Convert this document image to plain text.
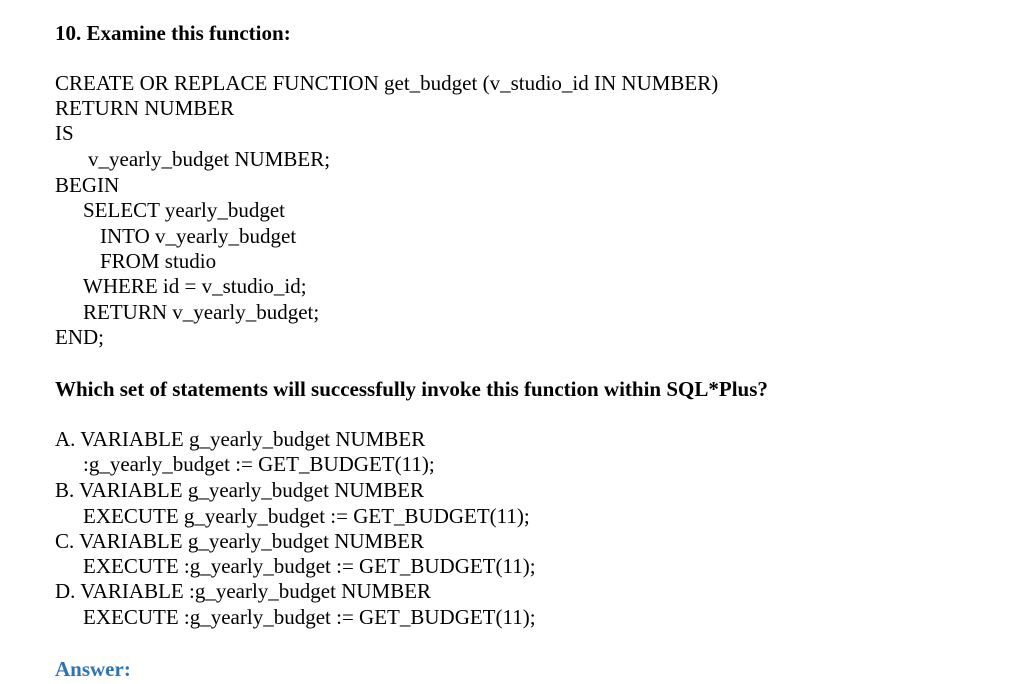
10. Examine this function:
CREATE OR REPLACE FUNCTION get_budget (v_studio_id IN NUMBER)
RETURN NUMBER
IS
v_yearly_budget NUMBER;
BEGIN
SELECT yearly_budget
INTO v_yearly_budget
FROM studio
WHERE id = v_studio_id;
RETURN v_yearly_budget;
END;
Which set of statements will successfully invoke this function within SQL*Plus?
A. VARIABLE g_yearly_budget NUMBER
:g_yearly_budget := GET_BUDGET(11);
B. VARIABLE g_yearly_budget NUMBER
EXECUTE g_yearly_budget := GET_BUDGET(11);
C. VARIABLE g_yearly_budget NUMBER
EXECUTE :g_yearly_budget := GET_BUDGET(11);
D. VARIABLE :g_yearly_budget NUMBER
EXECUTE :g_yearly_budget := GET_BUDGET(11);
Answer:
